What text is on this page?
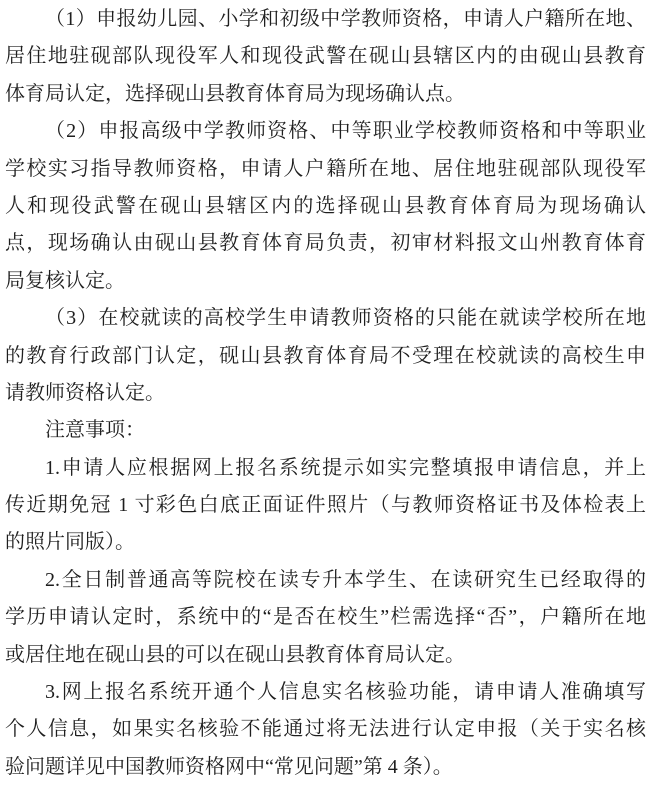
（1）申报幼儿园、小学和初级中学教师资格，申请人户籍所在地、
居住地驻砚部队现役军人和现役武警在砚山县辖区内的由砚山县教育
体育局认定，选择砚山县教育体育局为现场确认点。
（2）申报高级中学教师资格、中等职业学校教师资格和中等职业
学校实习指导教师资格，申请人户籍所在地、居住地驻砚部队现役军
人和现役武警在砚山县辖区内的选择砚山县教育体育局为现场确认
点，现场确认由砚山县教育体育局负责，初审材料报文山州教育体育
局复核认定。
（3）在校就读的高校学生申请教师资格的只能在就读学校所在地
的教育行政部门认定，砚山县教育体育局不受理在校就读的高校生申
请教师资格认定。
注意事项：
1.申请人应根据网上报名系统提示如实完整填报申请信息，并上
传近期免冠 1 寸彩色白底正面证件照片（与教师资格证书及体检表上
的照片同版）。
2.全日制普通高等院校在读专升本学生、在读研究生已经取得的
学历申请认定时，系统中的“是否在校生”栏需选择“否”，户籍所在地
或居住地在砚山县的可以在砚山县教育体育局认定。
3.网上报名系统开通个人信息实名核验功能，请申请人准确填写
个人信息，如果实名核验不能通过将无法进行认定申报（关于实名核
验问题详见中国教师资格网中“常见问题”第 4 条）。
